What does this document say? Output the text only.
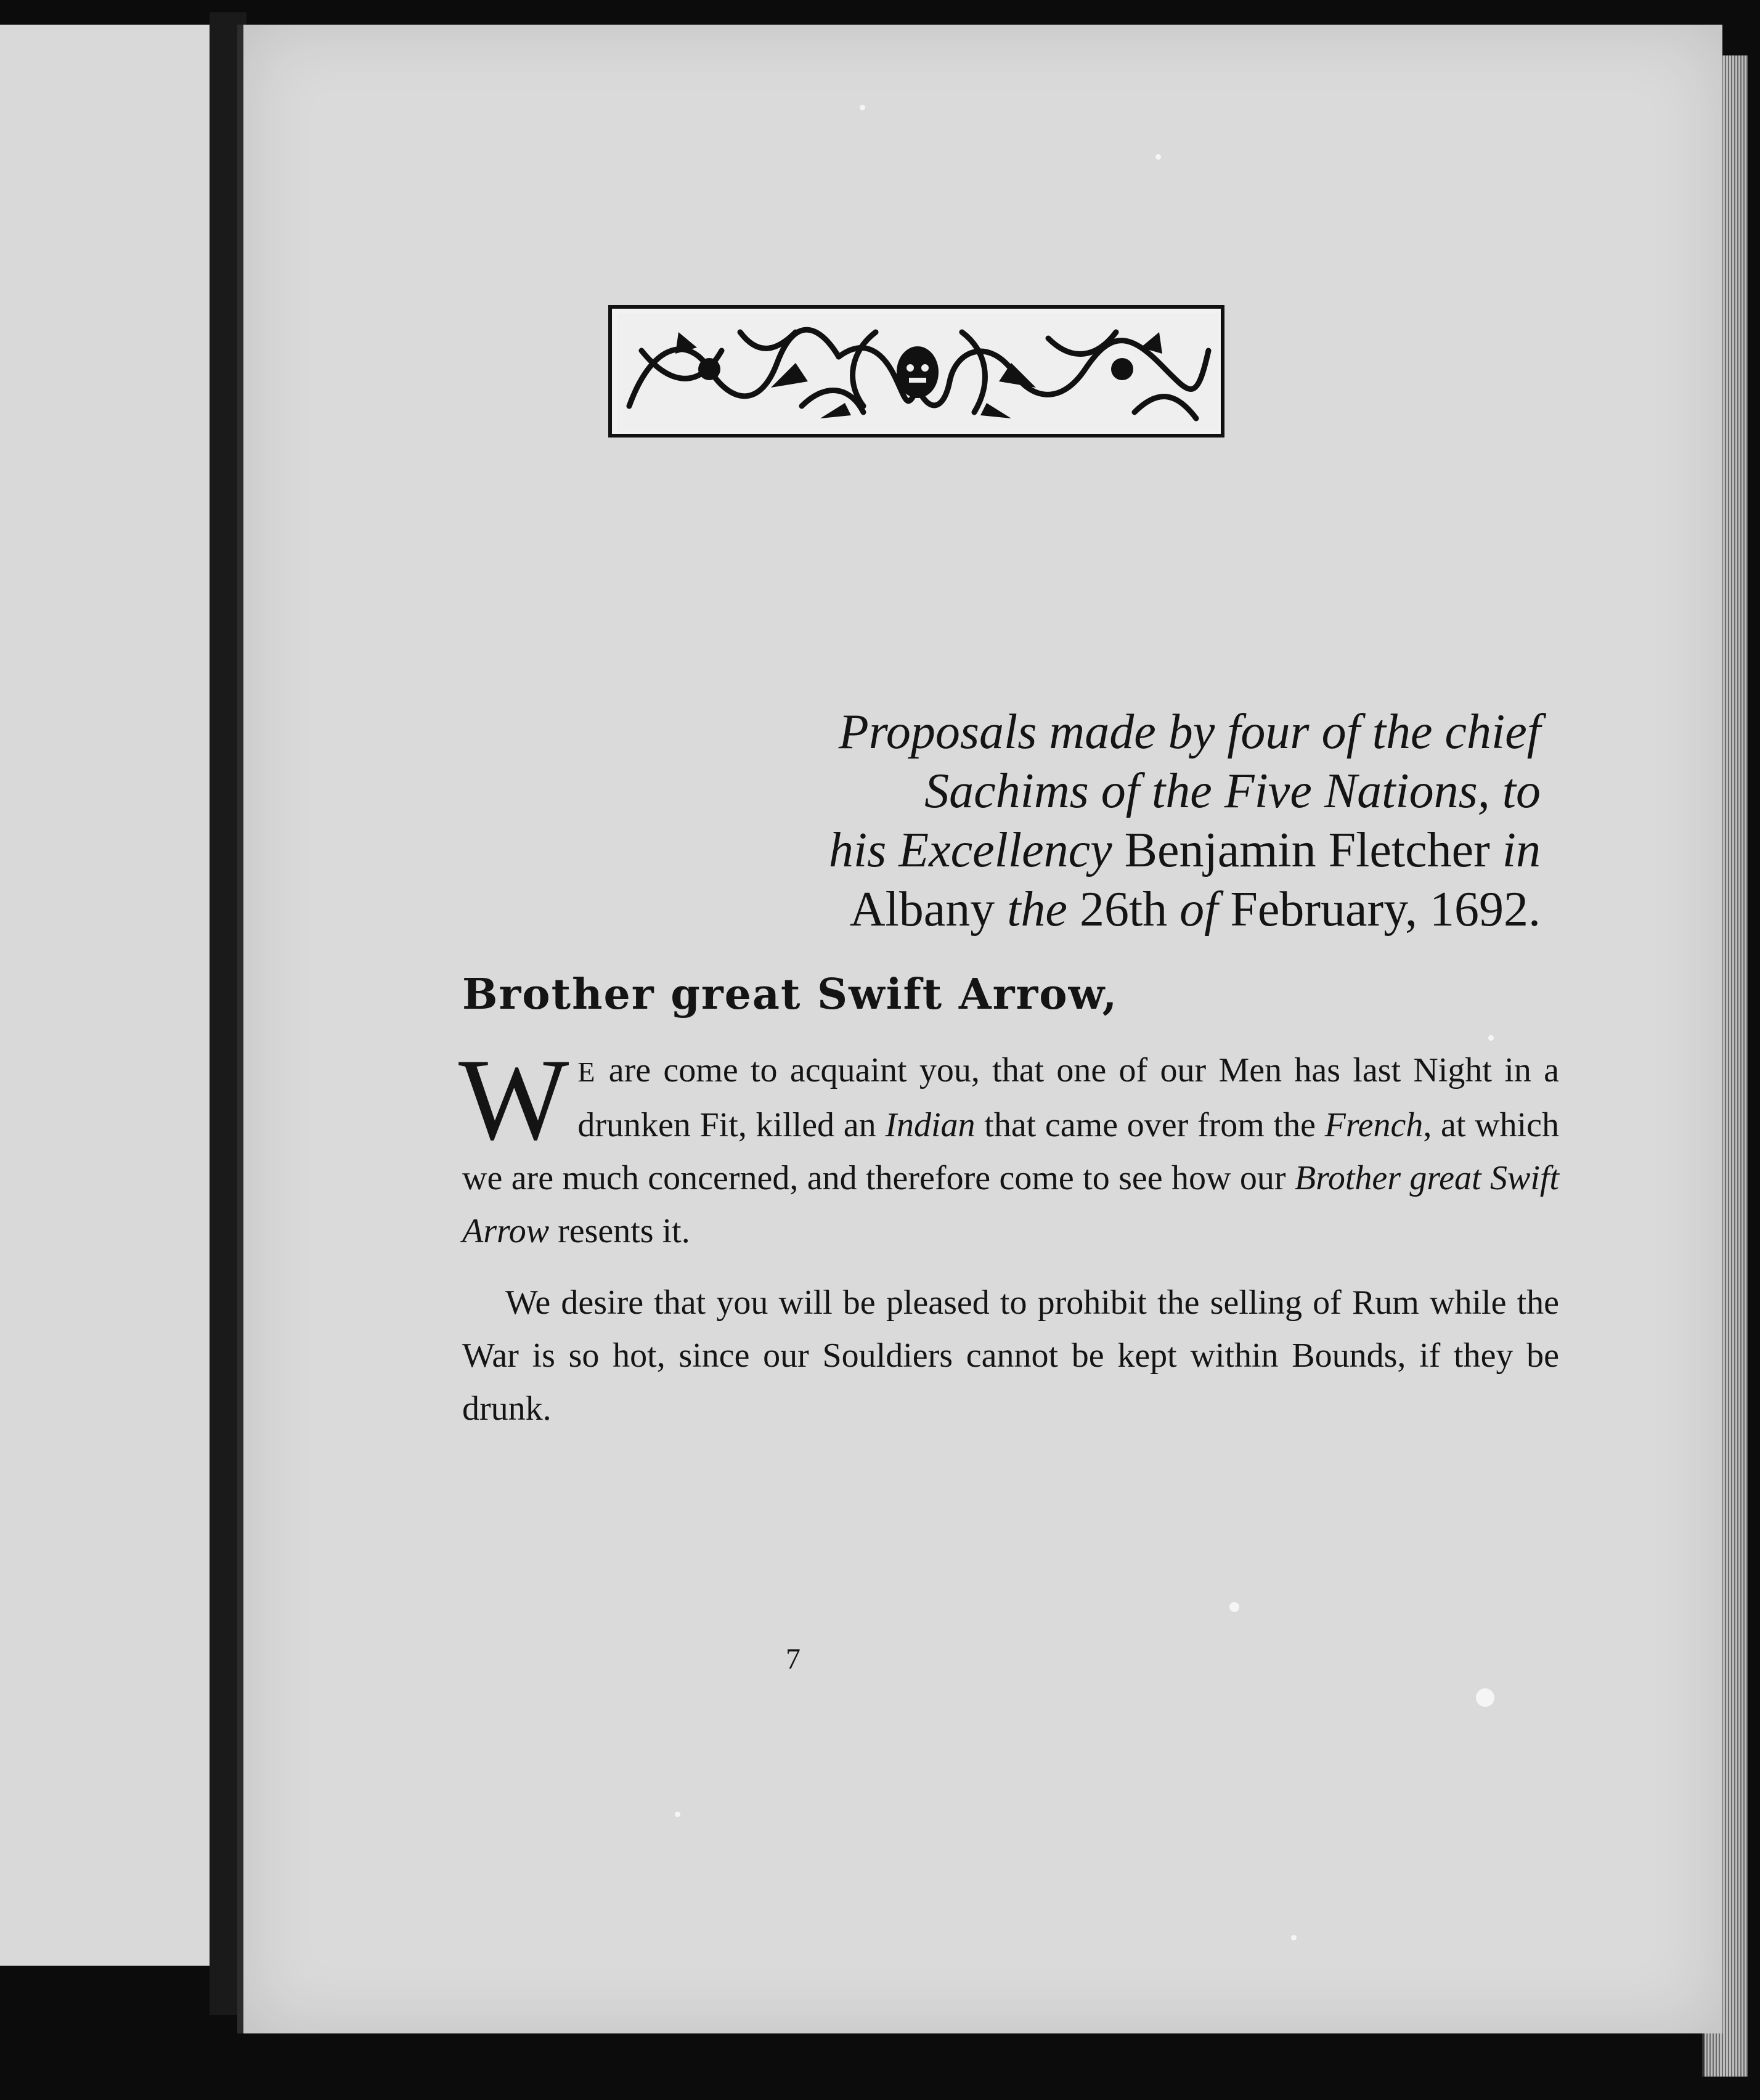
Proposals made by four of the chief
Sachims of the Five Nations, to
his Excellency Benjamin Fletcher in
Albany the 26th of February, 1692.

Brother great Swift Arrow,

W E are come to acquaint you, that one of our Men has last Night in a drunken Fit, killed an Indian that came over from the French, at which we are much concerned, and therefore come to see how our Brother great Swift Arrow resents it.

We desire that you will be pleased to prohibit the selling of Rum while the War is so hot, since our Souldiers cannot be kept within Bounds, if they be drunk.

7
